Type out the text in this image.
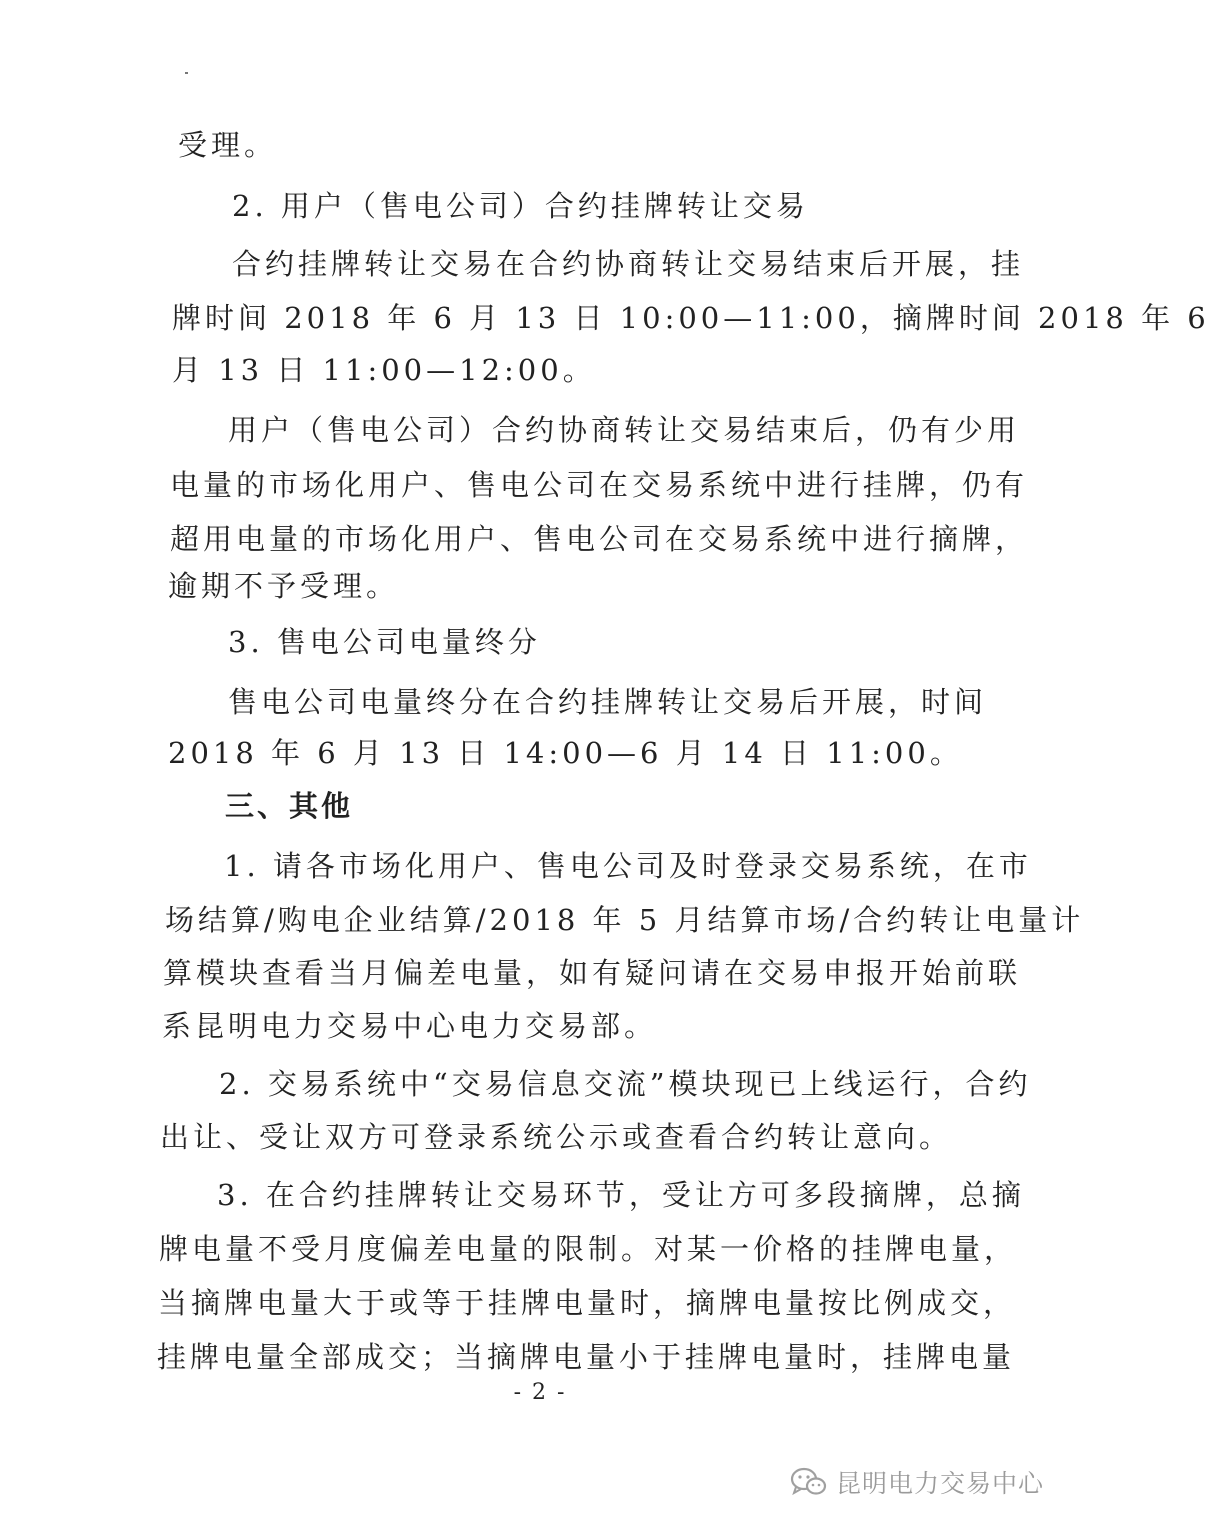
受理。
2. 用户（售电公司）合约挂牌转让交易
合约挂牌转让交易在合约协商转让交易结束后开展，挂
牌时间 2018 年 6 月 13 日 10:00—11:00，摘牌时间 2018 年 6
月 13 日 11:00—12:00。
用户（售电公司）合约协商转让交易结束后，仍有少用
电量的市场化用户、售电公司在交易系统中进行挂牌，仍有
超用电量的市场化用户、售电公司在交易系统中进行摘牌，
逾期不予受理。
3. 售电公司电量终分
售电公司电量终分在合约挂牌转让交易后开展，时间
2018 年 6 月 13 日 14:00—6 月 14 日 11:00。
三、其他
1. 请各市场化用户、售电公司及时登录交易系统，在市
场结算/购电企业结算/2018 年 5 月结算市场/合约转让电量计
算模块查看当月偏差电量，如有疑问请在交易申报开始前联
系昆明电力交易中心电力交易部。
2. 交易系统中“交易信息交流”模块现已上线运行，合约
出让、受让双方可登录系统公示或查看合约转让意向。
3. 在合约挂牌转让交易环节，受让方可多段摘牌，总摘
牌电量不受月度偏差电量的限制。对某一价格的挂牌电量，
当摘牌电量大于或等于挂牌电量时，摘牌电量按比例成交，
挂牌电量全部成交；当摘牌电量小于挂牌电量时，挂牌电量
- 2 -
昆明电力交易中心
